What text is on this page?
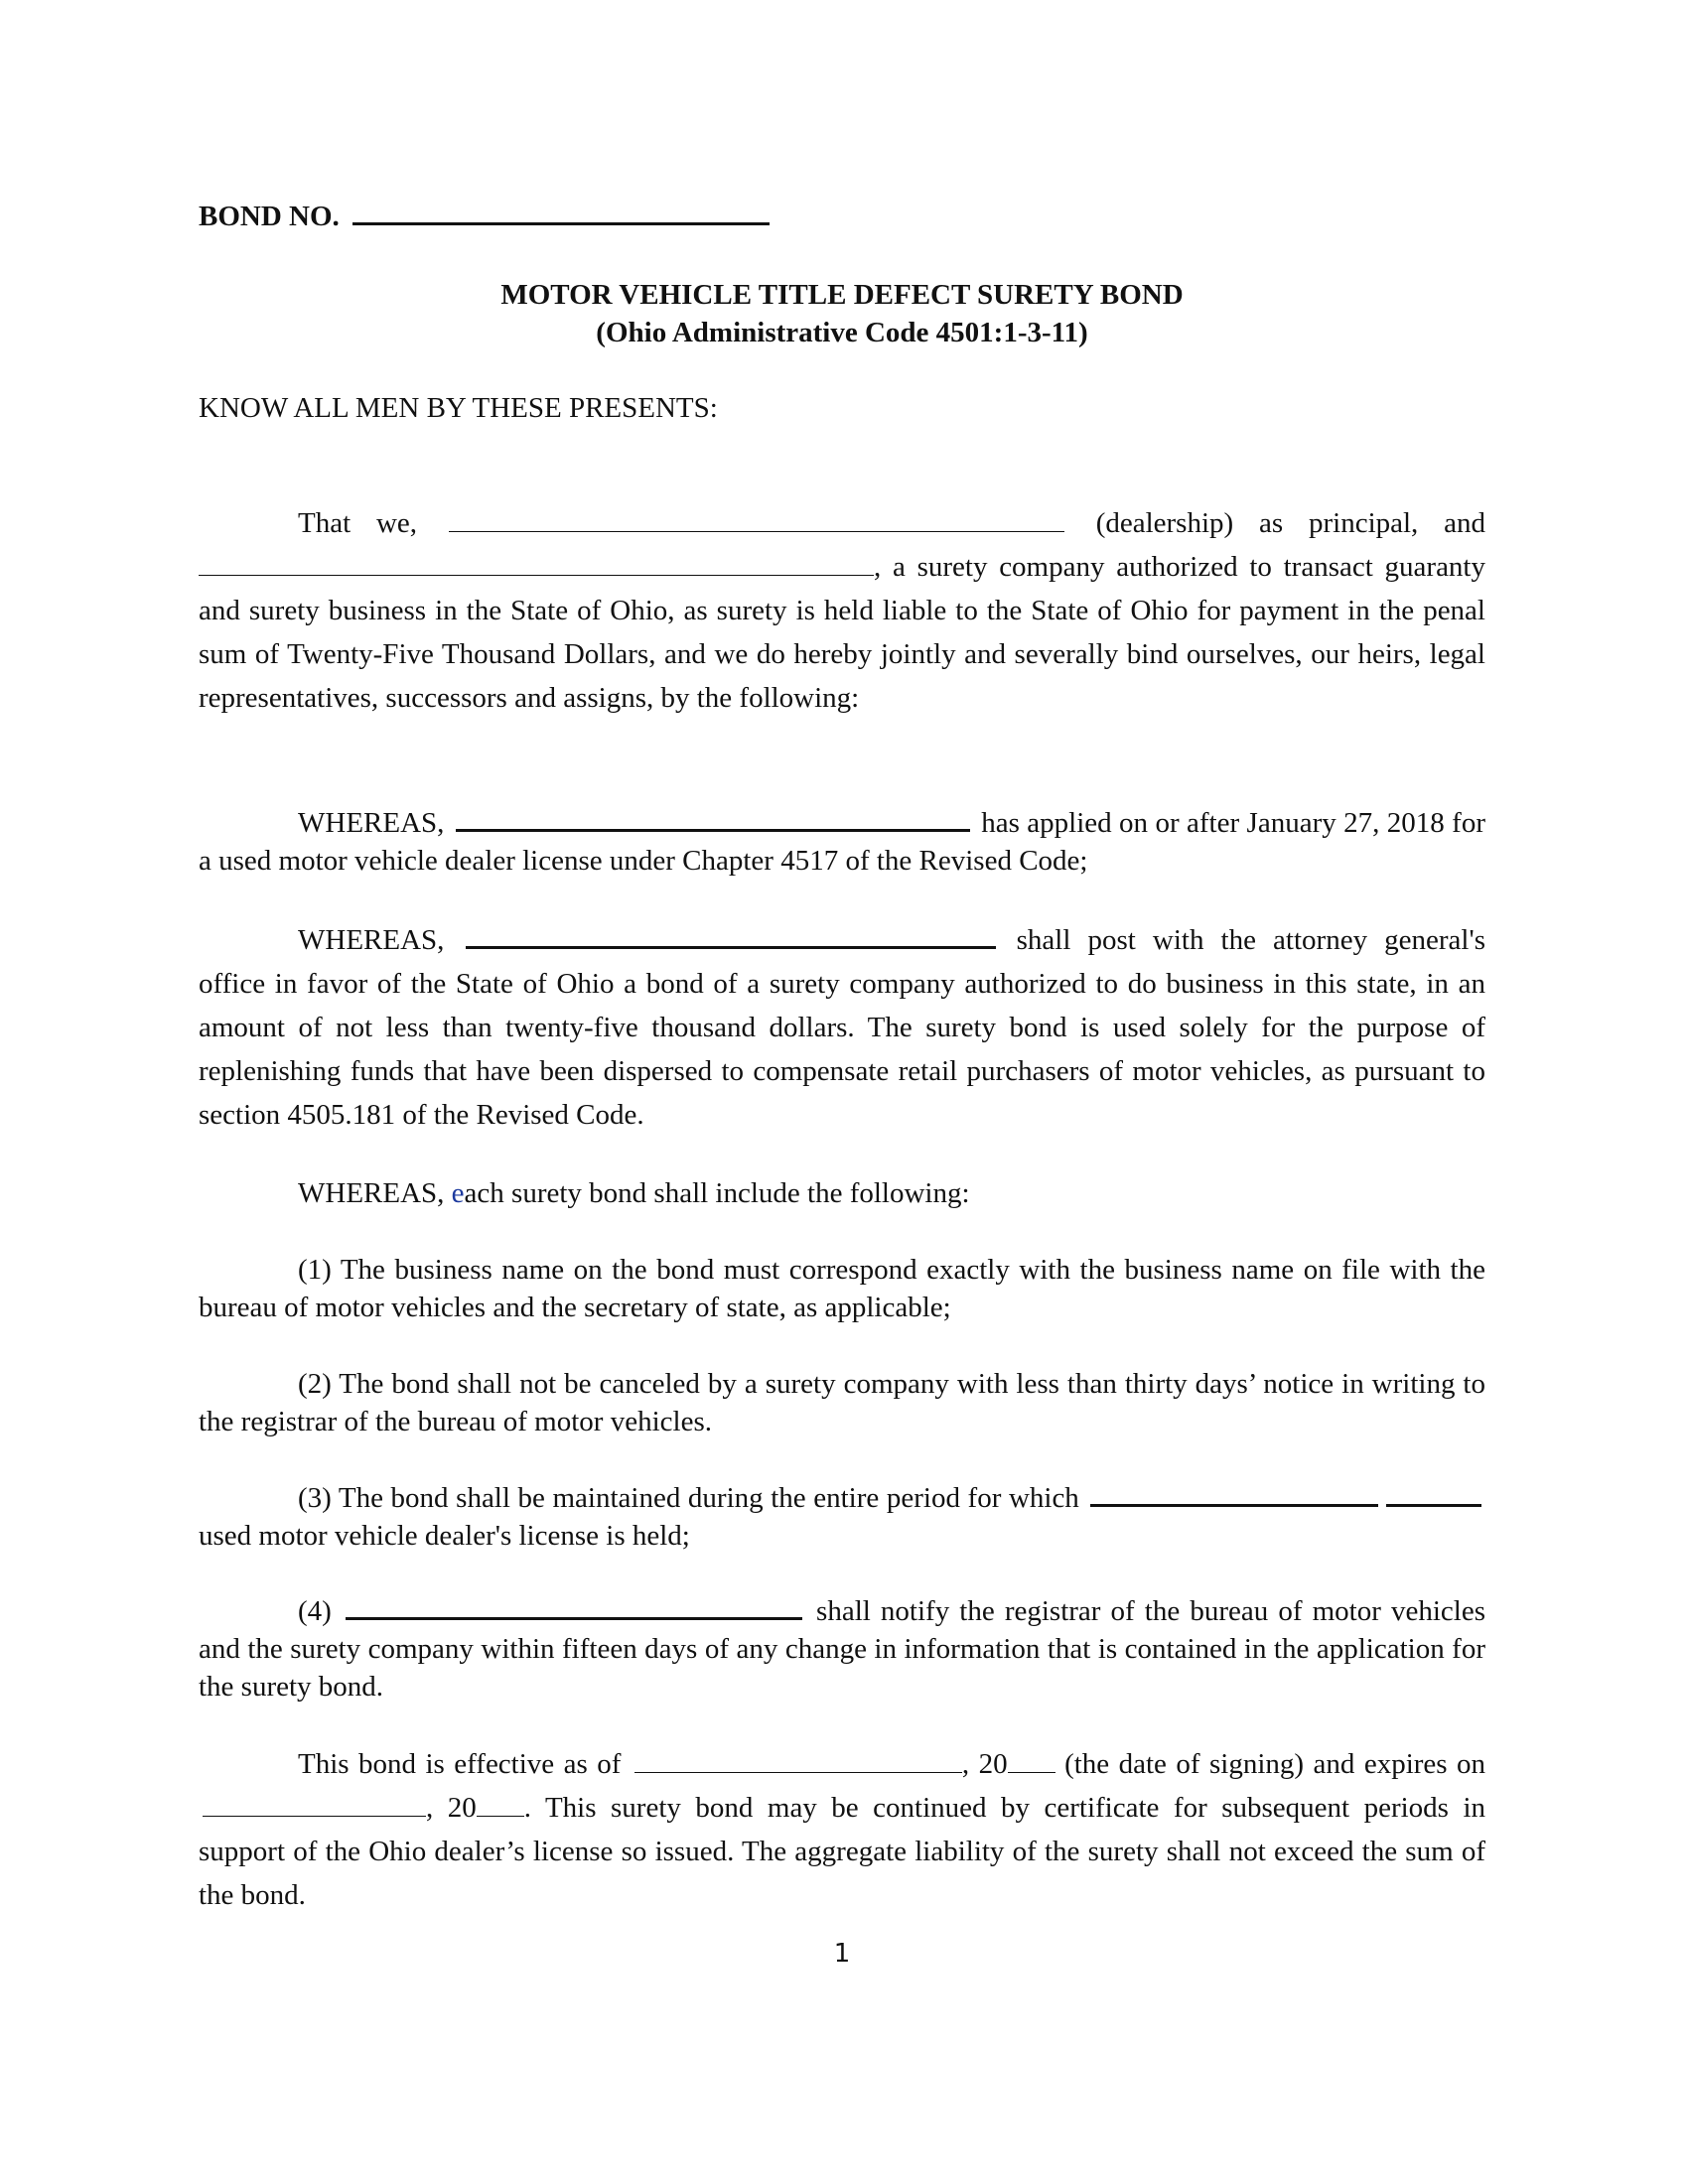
BOND NO.
MOTOR VEHICLE TITLE DEFECT SURETY BOND
(Ohio Administrative Code 4501:1-3-11)
KNOW ALL MEN BY THESE PRESENTS:
That we,	(dealership) as principal, and , a surety company authorized to transact guaranty and surety business in the State of Ohio, as surety is held liable to the State of Ohio for payment in the penal sum of Twenty-Five Thousand Dollars, and we do hereby jointly and severally bind ourselves, our heirs, legal representatives, successors and assigns, by the following:
WHEREAS,	has applied on or after January 27, 2018 for a used motor vehicle dealer license under Chapter 4517 of the Revised Code;
WHEREAS,	shall post with the attorney general's office in favor of the State of Ohio a bond of a surety company authorized to do business in this state, in an amount of not less than twenty-five thousand dollars. The surety bond is used solely for the purpose of replenishing funds that have been dispersed to compensate retail purchasers of motor vehicles, as pursuant to section 4505.181 of the Revised Code.
WHEREAS, each surety bond shall include the following:
(1) The business name on the bond must correspond exactly with the business name on file with the bureau of motor vehicles and the secretary of state, as applicable;
(2) The bond shall not be canceled by a surety company with less than thirty days’ notice in writing to the registrar of the bureau of motor vehicles.
(3) The bond shall be maintained during the entire period for which   used motor vehicle dealer's license is held;
(4)	shall notify the registrar of the bureau of motor vehicles and the surety company within fifteen days of any change in information that is contained in the application for the surety bond.
This bond is effective as of	, 20 (the date of signing) and expires on , 20 . This surety bond may be continued by certificate for subsequent periods in support of the Ohio dealer’s license so issued. The aggregate liability of the surety shall not exceed the sum of the bond.
1
